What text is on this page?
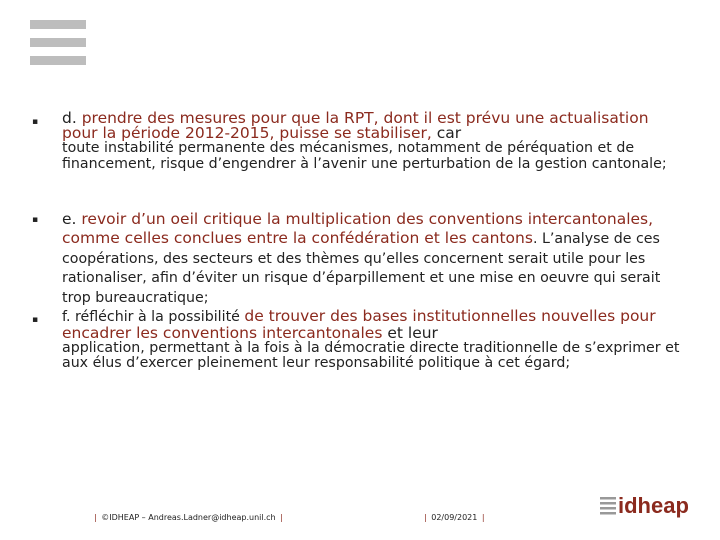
▪ d. prendre des mesures pour que la RPT, dont il est prévu une actualisation pour la période 2012-2015, puisse se stabiliser, car
toute instabilité permanente des mécanismes, notamment de péréquation et de financement, risque d’engendrer à l’avenir une perturbation de la gestion cantonale;
▪ e. revoir d’un oeil critique la multiplication des conventions intercantonales, comme celles conclues entre la confédération et les cantons. L’analyse de ces coopérations, des secteurs et des thèmes qu’elles concernent serait utile pour les rationaliser, afin d’éviter un risque d’éparpillement et une mise en oeuvre qui serait trop bureaucratique;
▪ f. réfléchir à la possibilité de trouver des bases institutionnelles nouvelles pour encadrer les conventions intercantonales et leur
application, permettant à la fois à la démocratie directe traditionnelle de s’exprimer et aux élus d’exercer pleinement leur responsabilité politique à cet égard;
| ©IDHEAP – Andreas.Ladner@idheap.unil.ch |	| 02/09/2021 |	idheap
